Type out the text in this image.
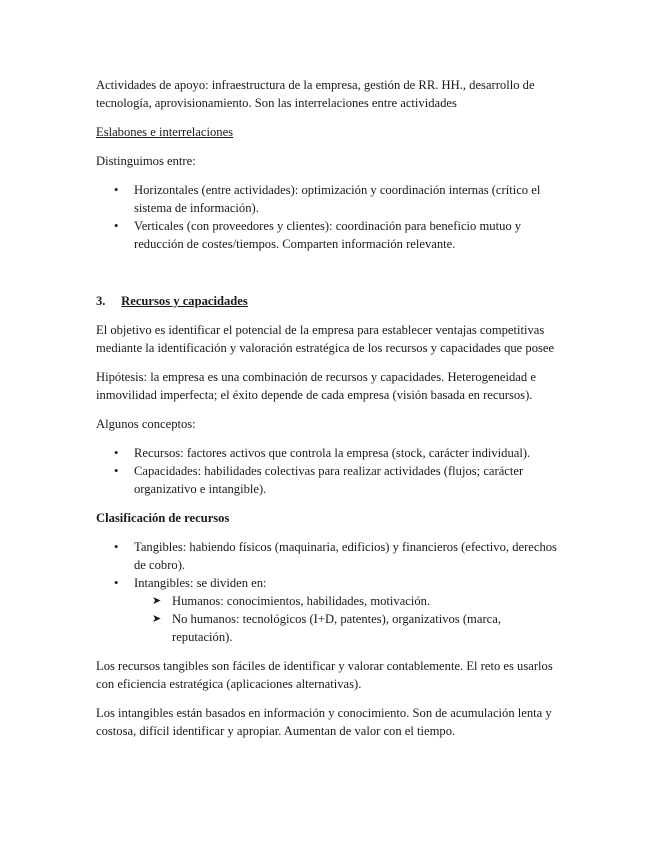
Actividades de apoyo: infraestructura de la empresa, gestión de RR. HH., desarrollo de tecnología, aprovisionamiento. Son las interrelaciones entre actividades

Eslabones e interrelaciones

Distinguimos entre:

• Horizontales (entre actividades): optimización y coordinación internas (crítico el sistema de información).
• Verticales (con proveedores y clientes): coordinación para beneficio mutuo y reducción de costes/tiempos. Comparten información relevante.

3. Recursos y capacidades

El objetivo es identificar el potencial de la empresa para establecer ventajas competitivas mediante la identificación y valoración estratégica de los recursos y capacidades que posee

Hipótesis: la empresa es una combinación de recursos y capacidades. Heterogeneidad e inmovilidad imperfecta; el éxito depende de cada empresa (visión basada en recursos).

Algunos conceptos:

• Recursos: factores activos que controla la empresa (stock, carácter individual).
• Capacidades: habilidades colectivas para realizar actividades (flujos; carácter organizativo e intangible).

Clasificación de recursos

• Tangibles: habiendo físicos (maquinaria, edificios) y financieros (efectivo, derechos de cobro).
• Intangibles: se dividen en:
➤ Humanos: conocimientos, habilidades, motivación.
➤ No humanos: tecnológicos (I+D, patentes), organizativos (marca, reputación).

Los recursos tangibles son fáciles de identificar y valorar contablemente. El reto es usarlos con eficiencia estratégica (aplicaciones alternativas).

Los intangibles están basados en información y conocimiento. Son de acumulación lenta y costosa, difícil identificar y apropiar. Aumentan de valor con el tiempo.
